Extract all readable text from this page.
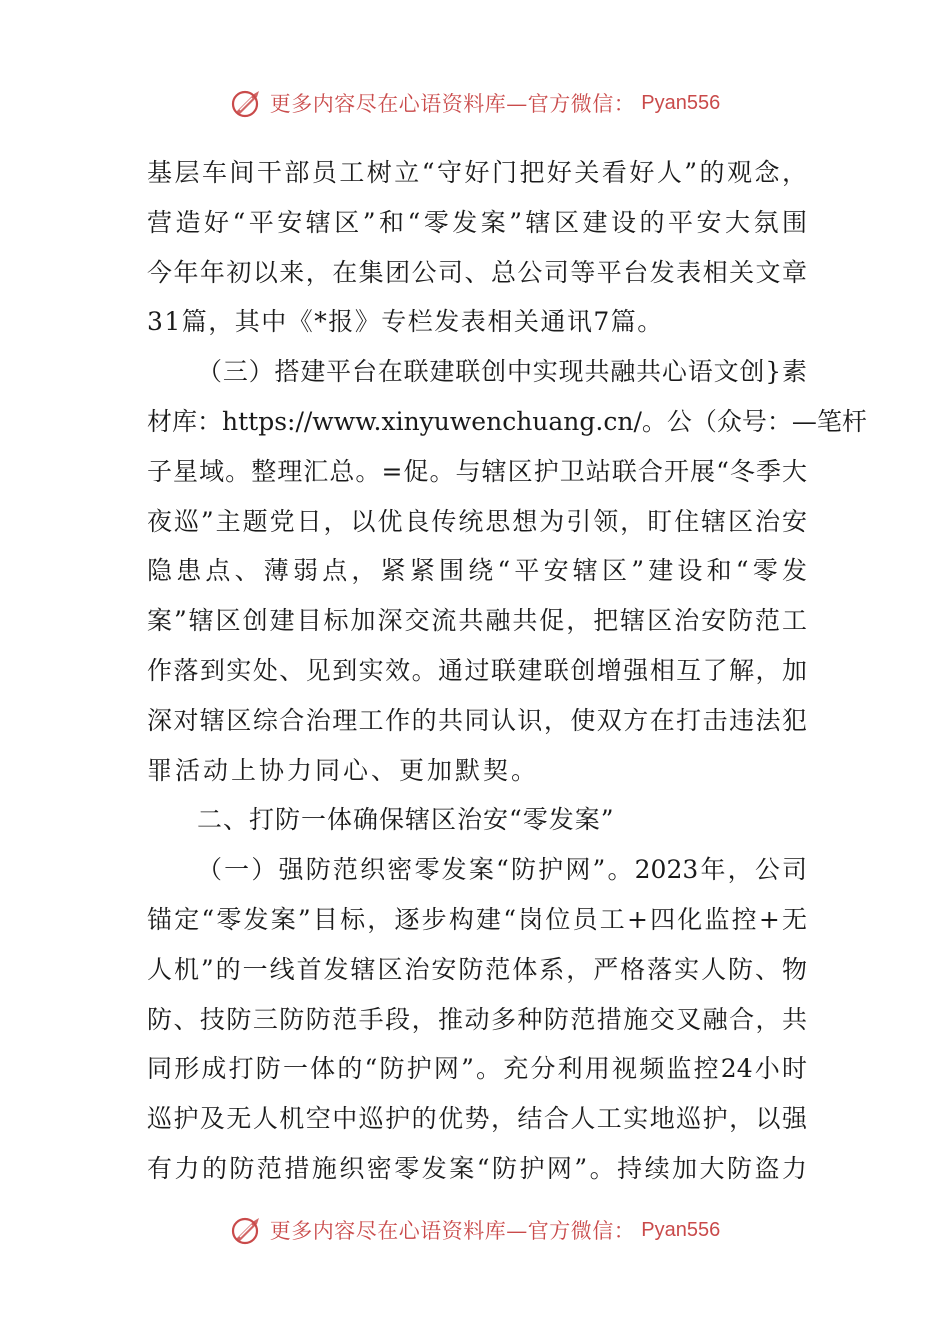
更多内容尽在心语资料库—官方微信： Pyan556
基层车间干部员工树立“守好门把好关看好人”的观念，
营造好“平安辖区”和“零发案”辖区建设的平安大氛围
今年年初以来，在集团公司、总公司等平台发表相关文章
31篇，其中《*报》专栏发表相关通讯7篇。
（三）搭建平台在联建联创中实现共融共心语文创}素
材库：https://www.xinyuwenchuang.cn/。公（众号：—笔杆
子星域。整理汇总。=促。与辖区护卫站联合开展“冬季大
夜巡”主题党日，以优良传统思想为引领，盯住辖区治安
隐患点、薄弱点，紧紧围绕“平安辖区”建设和“零发
案”辖区创建目标加深交流共融共促，把辖区治安防范工
作落到实处、见到实效。通过联建联创增强相互了解，加
深对辖区综合治理工作的共同认识，使双方在打击违法犯
罪活动上协力同心、更加默契。
二、打防一体确保辖区治安“零发案”
（一）强防范织密零发案“防护网”。2023年，公司
锚定“零发案”目标，逐步构建“岗位员工+四化监控+无
人机”的一线首发辖区治安防范体系，严格落实人防、物
防、技防三防防范手段，推动多种防范措施交叉融合，共
同形成打防一体的“防护网”。充分利用视频监控24小时
巡护及无人机空中巡护的优势，结合人工实地巡护，以强
有力的防范措施织密零发案“防护网”。持续加大防盗力
更多内容尽在心语资料库—官方微信： Pyan556
